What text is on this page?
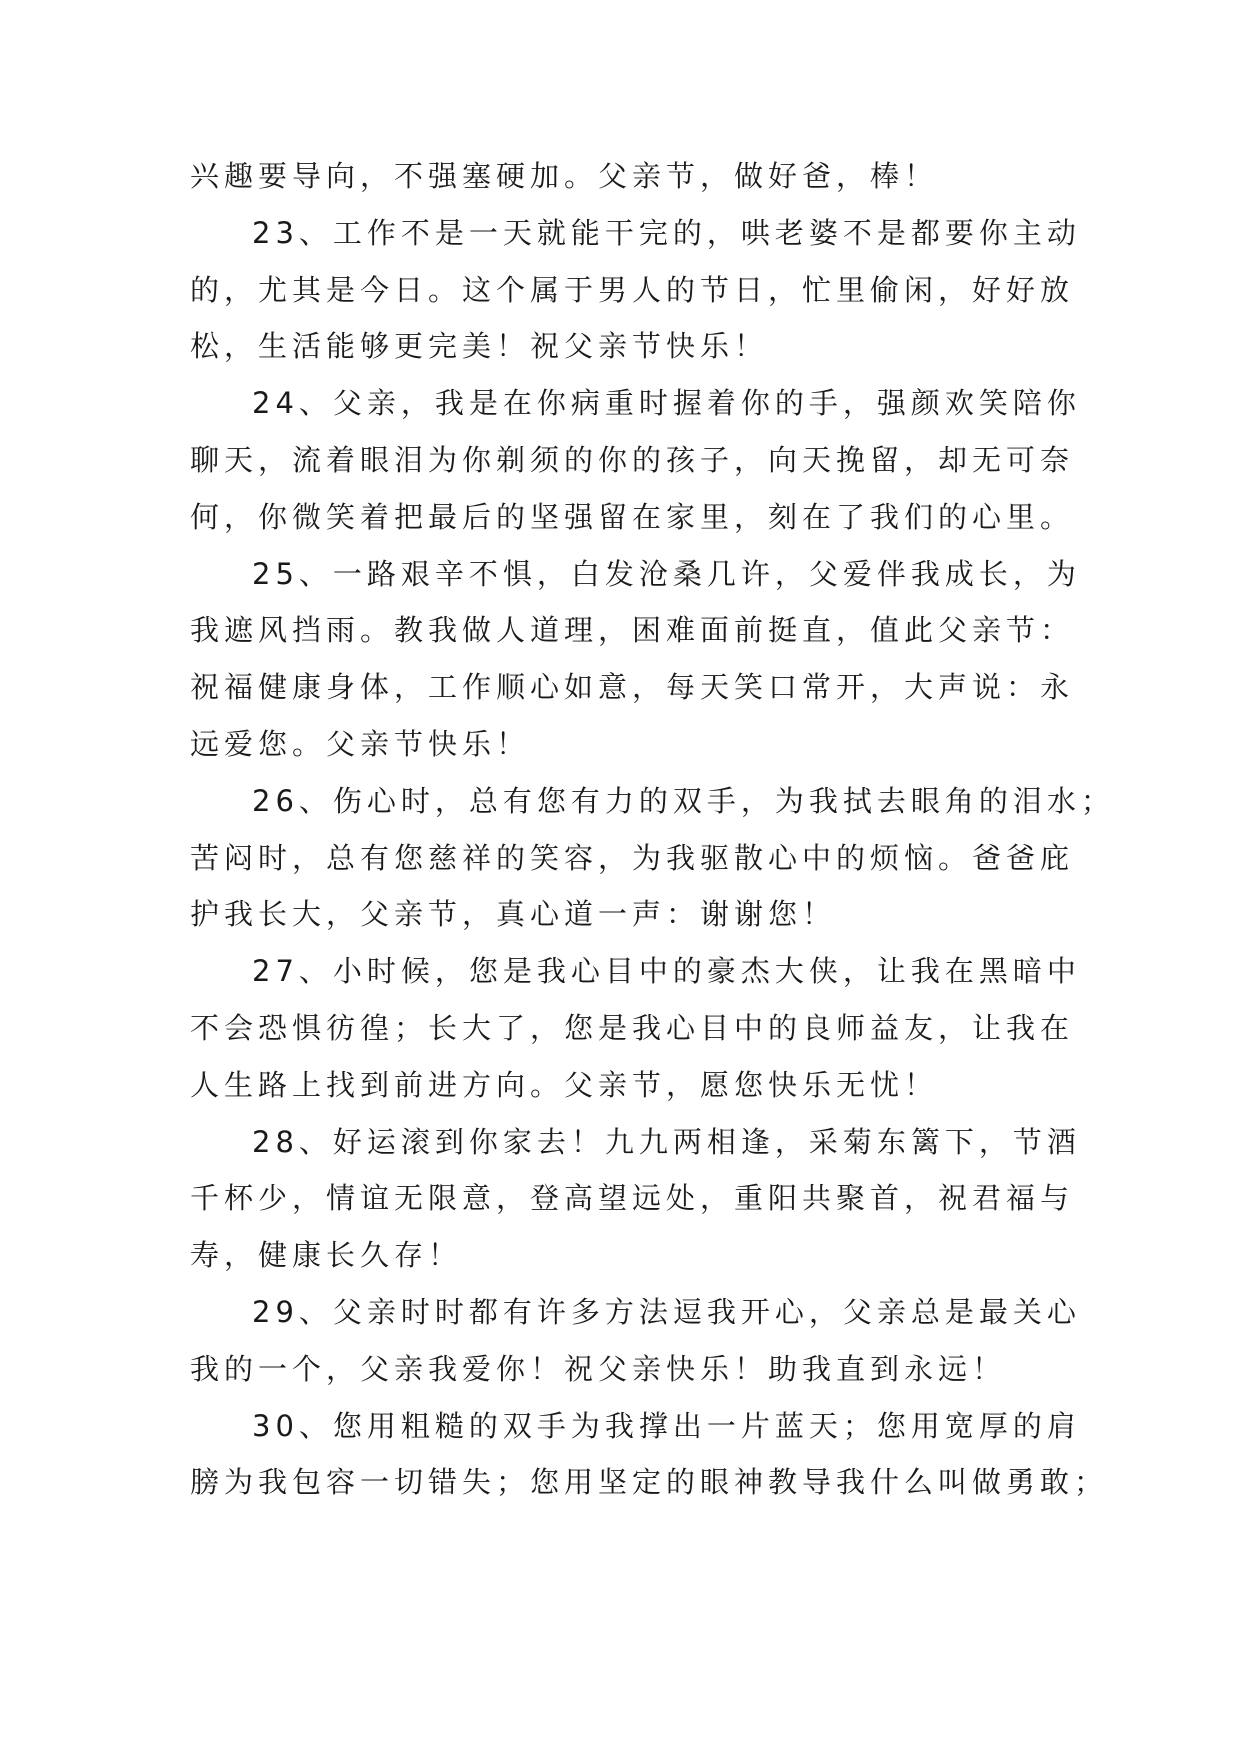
兴趣要导向，不强塞硬加。父亲节，做好爸，棒！
23、工作不是一天就能干完的，哄老婆不是都要你主动
的，尤其是今日。这个属于男人的节日，忙里偷闲，好好放
松，生活能够更完美！祝父亲节快乐！
24、父亲，我是在你病重时握着你的手，强颜欢笑陪你
聊天，流着眼泪为你剃须的你的孩子，向天挽留，却无可奈
何，你微笑着把最后的坚强留在家里，刻在了我们的心里。
25、一路艰辛不惧，白发沧桑几许，父爱伴我成长，为
我遮风挡雨。教我做人道理，困难面前挺直，值此父亲节：
祝福健康身体，工作顺心如意，每天笑口常开，大声说：永
远爱您。父亲节快乐！
26、伤心时，总有您有力的双手，为我拭去眼角的泪水；
苦闷时，总有您慈祥的笑容，为我驱散心中的烦恼。爸爸庇
护我长大，父亲节，真心道一声：谢谢您！
27、小时候，您是我心目中的豪杰大侠，让我在黑暗中
不会恐惧彷徨；长大了，您是我心目中的良师益友，让我在
人生路上找到前进方向。父亲节，愿您快乐无忧！
28、好运滚到你家去！九九两相逢，采菊东篱下，节酒
千杯少，情谊无限意，登高望远处，重阳共聚首，祝君福与
寿，健康长久存！
29、父亲时时都有许多方法逗我开心，父亲总是最关心
我的一个，父亲我爱你！祝父亲快乐！助我直到永远！
30、您用粗糙的双手为我撑出一片蓝天；您用宽厚的肩
膀为我包容一切错失；您用坚定的眼神教导我什么叫做勇敢；
